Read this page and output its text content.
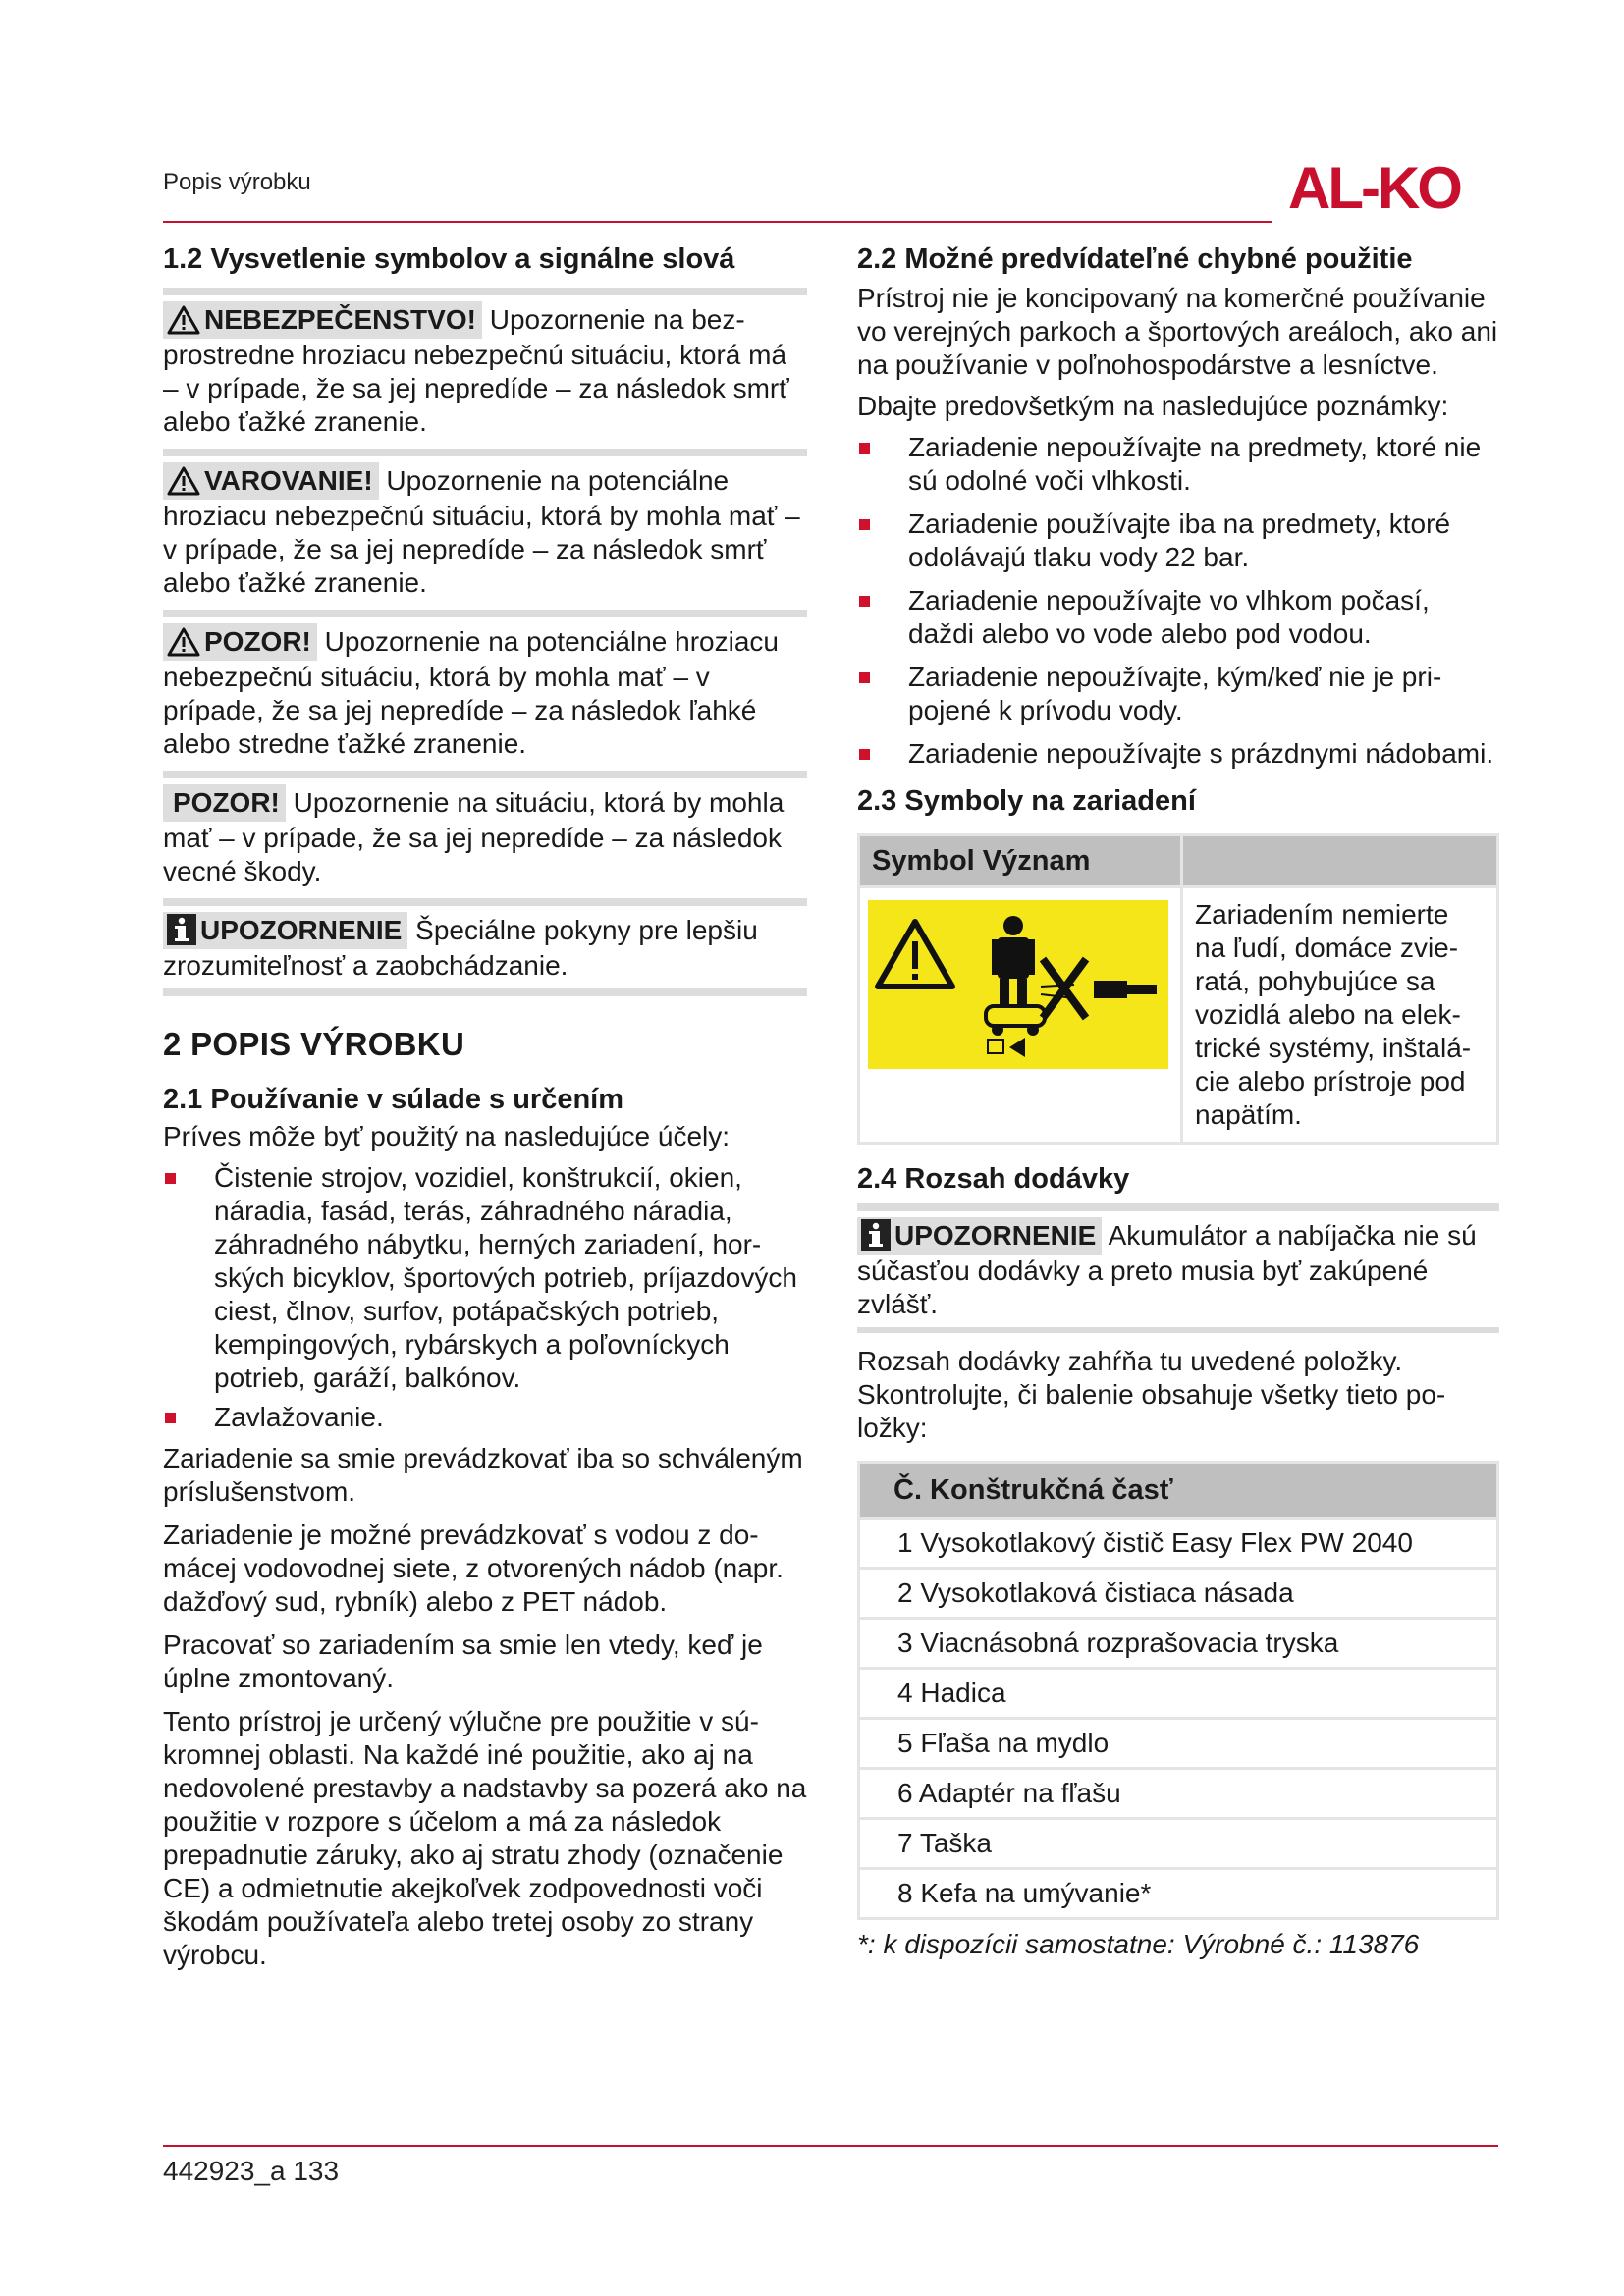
Popis výrobku	AL-KO
1.2 Vysvetlenie symbolov a signálne slová
NEBEZPEČENSTVO! Upozornenie na bezprostredne hroziacu nebezpečnú situáciu, ktorá má – v prípade, že sa jej nepredíde – za následok smrť alebo ťažké zranenie.
VAROVANIE! Upozornenie na potenciálne hroziacu nebezpečnú situáciu, ktorá by mohla mať – v prípade, že sa jej nepredíde – za následok smrť alebo ťažké zranenie.
POZOR! Upozornenie na potenciálne hroziacu nebezpečnú situáciu, ktorá by mohla mať – v prípade, že sa jej nepredíde – za následok ľahké alebo stredne ťažké zranenie.
POZOR! Upozornenie na situáciu, ktorá by mohla mať – v prípade, že sa jej nepredíde – za následok vecné škody.
UPOZORNENIE Špeciálne pokyny pre lepšiu zrozumiteľnosť a zaobchádzanie.
2 POPIS VÝROBKU
2.1 Používanie v súlade s určením

Príves môže byť použitý na nasledujúce účely:

Čistenie strojov, vozidiel, konštrukcií, okien, náradia, fasád, terás, záhradného náradia, záhradného nábytku, herných zariadení, horských bicyklov, športových potrieb, príjazdových ciest, člnov, surfov, potápačských potrieb, kempingových, rybárskych a poľovníckych potrieb, garáží, balkónov.
Zavlažovanie.

Zariadenie sa smie prevádzkovať iba so schváleným príslušenstvom.

Zariadenie je možné prevádzkovať s vodou z domácej vodovodnej siete, z otvorených nádob (napr. dažďový sud, rybník) alebo z PET nádob.

Pracovať so zariadením sa smie len vtedy, keď je úplne zmontovaný.

Tento prístroj je určený výlučne pre použitie v súkromnej oblasti. Na každé iné použitie, ako aj na nedovolené prestavby a nadstavby sa pozerá ako na použitie v rozpore s účelom a má za následok prepadnutie záruky, ako aj stratu zhody (označenie CE) a odmietnutie akejkoľvek zodpovednosti voči škodám používateľa alebo tretej osoby zo strany výrobcu.

2.2 Možné predvídateľné chybné použitie

Prístroj nie je koncipovaný na komerčné používanie vo verejných parkoch a športových areáloch, ako ani na používanie v poľnohospodárstve a lesníctve.

Dbajte predovšetkým na nasledujúce poznámky:

Zariadenie nepoužívajte na predmety, ktoré nie sú odolné voči vlhkosti.
Zariadenie používajte iba na predmety, ktoré odolávajú tlaku vody 22 bar.
Zariadenie nepoužívajte vo vlhkom počasí, daždi alebo vo vode alebo pod vodou.
Zariadenie nepoužívajte, kým/keď nie je pripojené k prívodu vody.
Zariadenie nepoužívajte s prázdnymi nádobami.
2.3 Symboly na zariadení
Symbol Význam	
	Zariadením nemierte na ľudí, domáce zvieratá, pohybujúce sa vozidlá alebo na elektrické systémy, inštalácie alebo prístroje pod napätím.
2.4 Rozsah dodávky
UPOZORNENIE Akumulátor a nabíjačka nie sú súčasťou dodávky a preto musia byť zakúpené zvlášť.

Rozsah dodávky zahŕňa tu uvedené položky. Skontrolujte, či balenie obsahuje všetky tieto položky:

Č. Konštrukčná časť
1 Vysokotlakový čistič Easy Flex PW 2040
2 Vysokotlaková čistiaca násada
3 Viacnásobná rozprašovacia tryska
4 Hadica
5 Fľaša na mydlo
6 Adaptér na fľašu
7 Taška
8 Kefa na umývanie*

*: k dispozícii samostatne: Výrobné č.: 113876

442923_a 133
